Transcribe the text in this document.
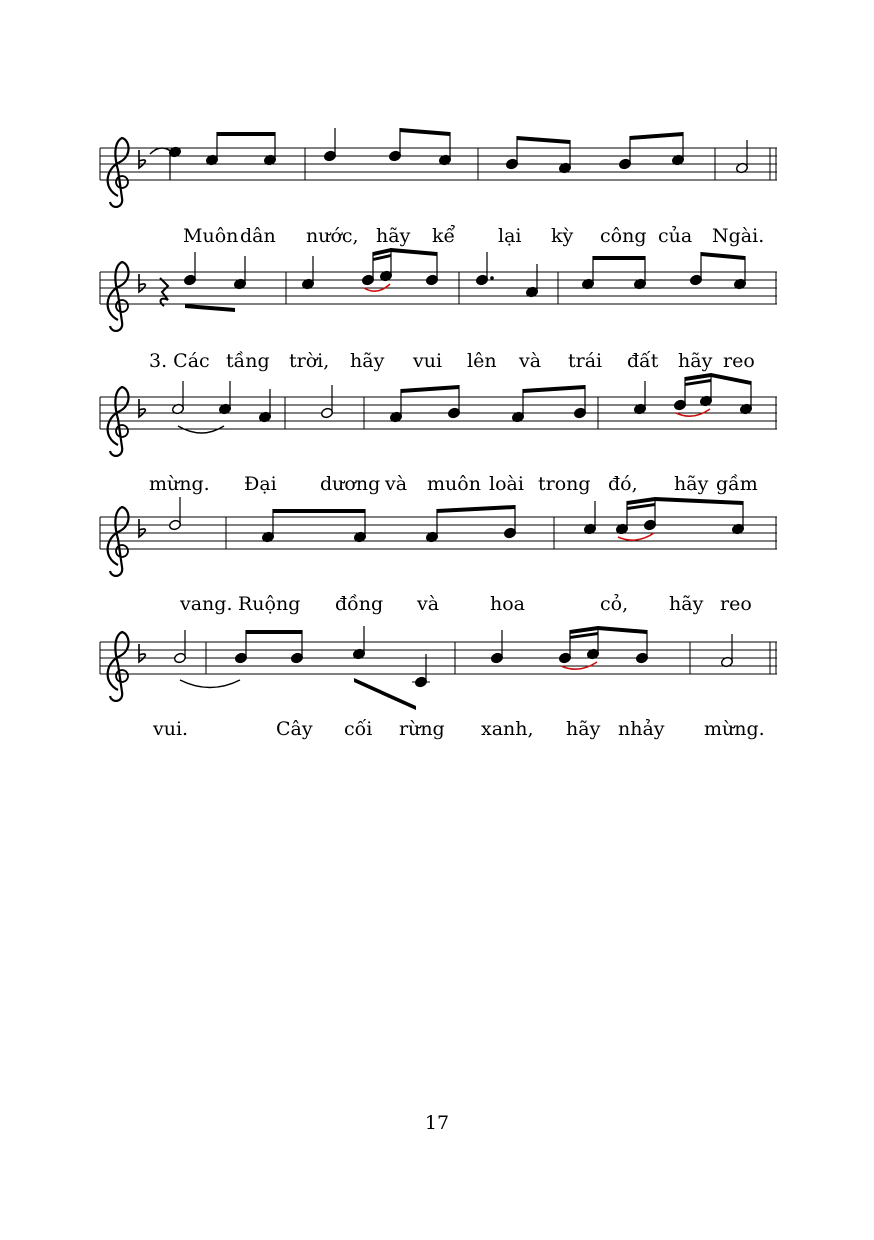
Muôn dân nước, hãy kể lại kỳ công của Ngài.
3. Các tầng trời, hãy vui lên và trái đất hãy reo
mừng. Đại dương và muôn loài trong đó, hãy gầm
vang. Ruộng đồng và	hoa	cỏ, hãy reo
vui.	Cây cối rừng xanh, hãy nhảy mừng.
17
